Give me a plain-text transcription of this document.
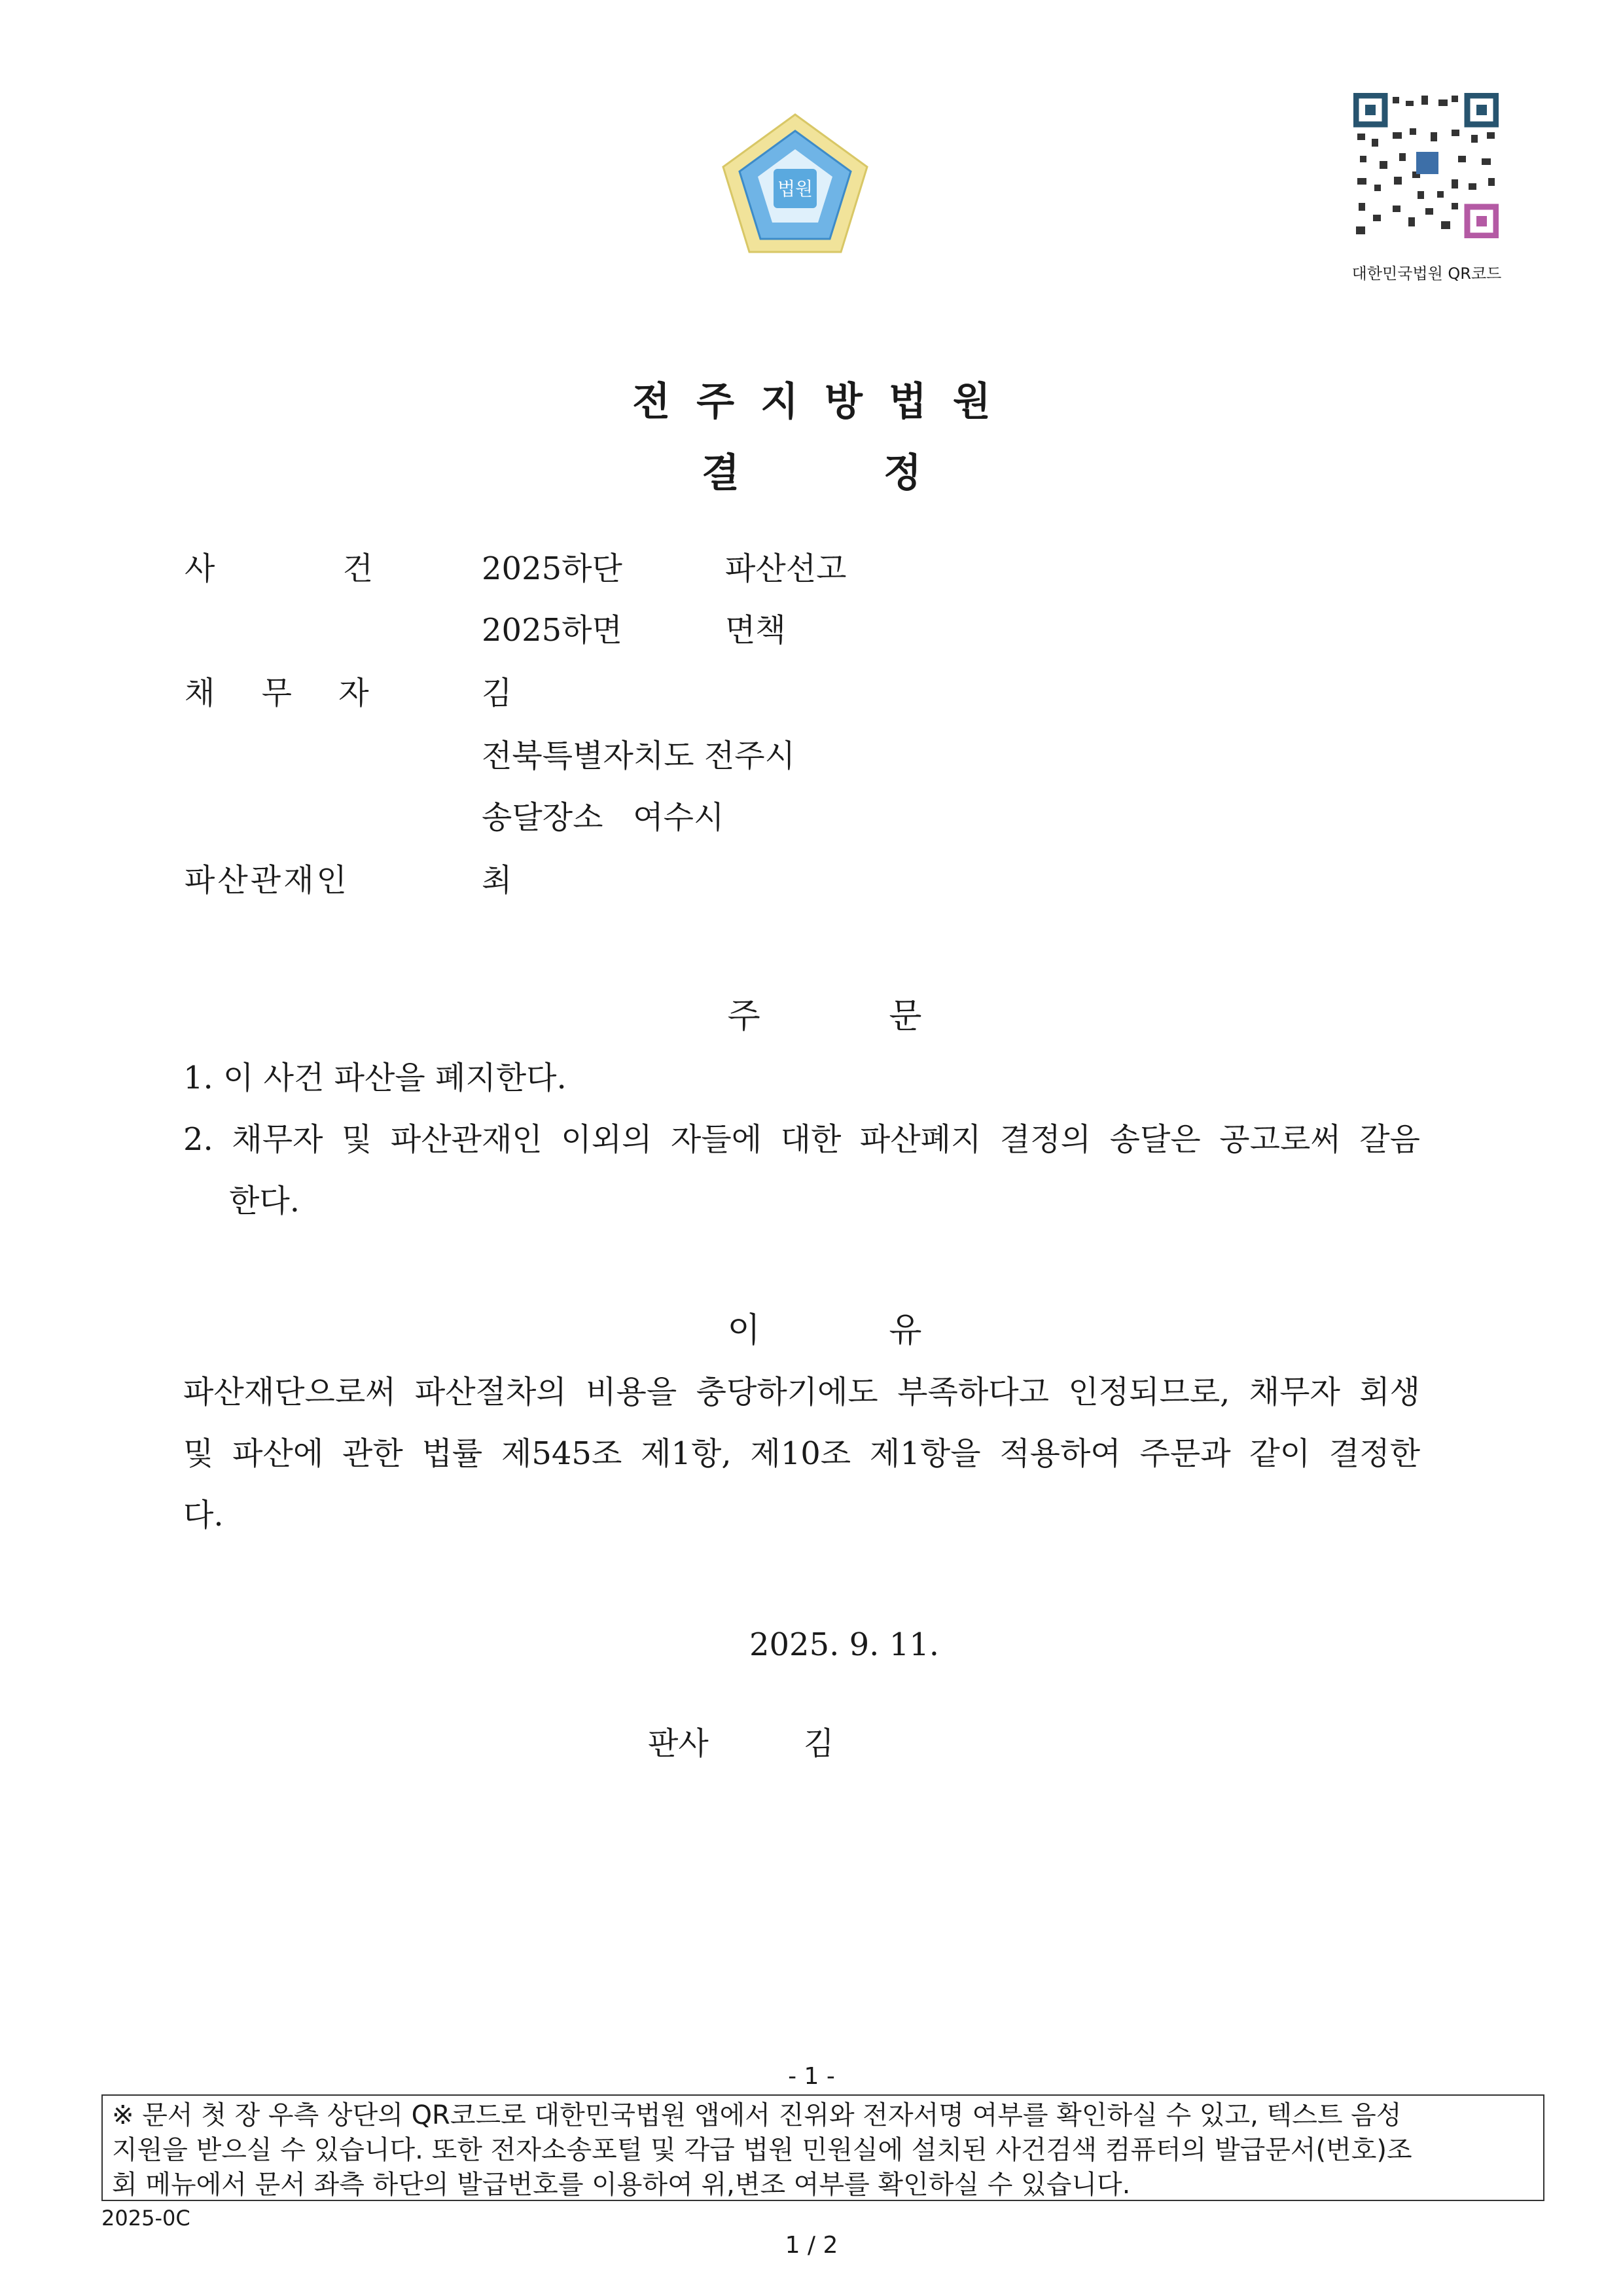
법원
대한민국법원 QR코드
전주지방법원
결정
사 건 2025하단	파산선고
2025하면	면책
채 무 자	김
전북특별자치도 전주시
송달장소   여수시
파산관재인	최
주 문
1. 이 사건 파산을 폐지한다.
2. 채무자 및 파산관재인 이외의 자들에 대한 파산폐지 결정의 송달은 공고로써 갈음
한다.
이 유
파산재단으로써 파산절차의 비용을 충당하기에도 부족하다고 인정되므로, 채무자 회생
및 파산에 관한 법률 제545조 제1항, 제10조 제1항을 적용하여 주문과 같이 결정한
다.
2025. 9. 11.
판사	김
- 1 -
※ 문서 첫 장 우측 상단의 QR코드로 대한민국법원 앱에서 진위와 전자서명 여부를 확인하실 수 있고, 텍스트 음성
지원을 받으실 수 있습니다. 또한 전자소송포털 및 각급 법원 민원실에 설치된 사건검색 컴퓨터의 발급문서(번호)조
회 메뉴에서 문서 좌측 하단의 발급번호를 이용하여 위,변조 여부를 확인하실 수 있습니다.
2025-0C
1 / 2
